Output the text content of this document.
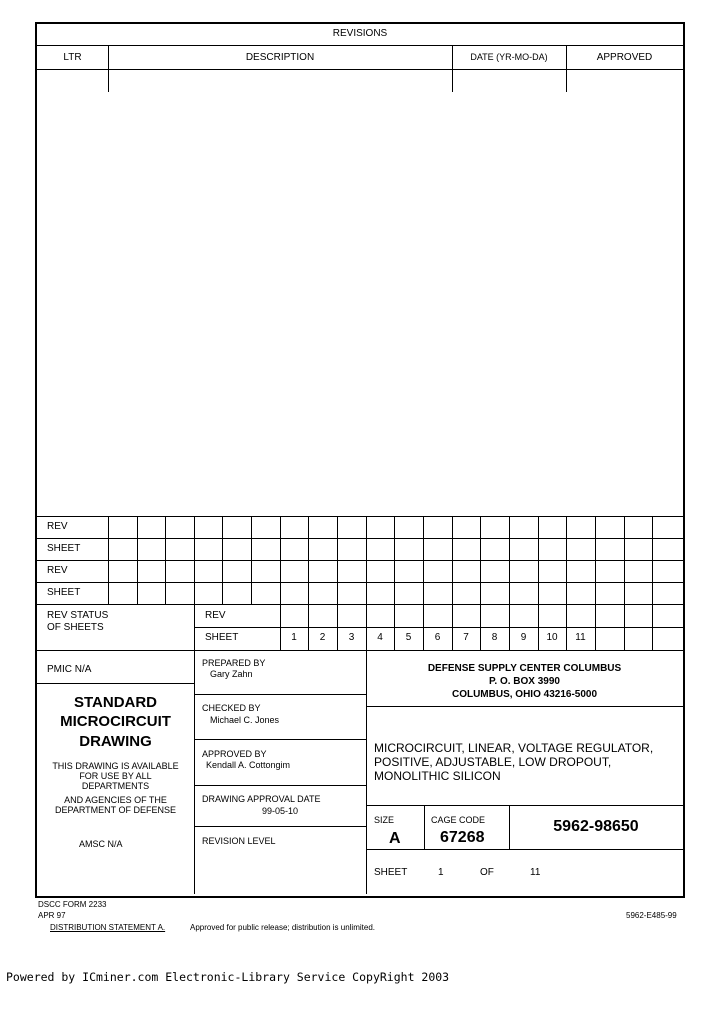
REVISIONS
LTR	DESCRIPTION	DATE (YR-MO-DA)	APPROVED
REV
SHEET
REV
SHEET
REV STATUS
OF SHEETS
REV
SHEET	1	2	3	4	5	6	7	8	9	10	11
PMIC N/A
STANDARD
MICROCIRCUIT
DRAWING
THIS DRAWING IS AVAILABLE
FOR USE BY ALL
DEPARTMENTS
AND AGENCIES OF THE
DEPARTMENT OF DEFENSE
AMSC N/A
PREPARED BY
Gary Zahn
CHECKED BY
Michael C. Jones
APPROVED BY
Kendall A. Cottongim
DRAWING APPROVAL DATE
99-05-10
REVISION LEVEL
DEFENSE SUPPLY CENTER COLUMBUS
P. O. BOX 3990
COLUMBUS, OHIO 43216-5000
MICROCIRCUIT, LINEAR, VOLTAGE REGULATOR,
POSITIVE, ADJUSTABLE, LOW DROPOUT,
MONOLITHIC SILICON
SIZE
A
CAGE CODE
67268
5962-98650
SHEET	1	OF	11
DSCC FORM 2233
APR 97
DISTRIBUTION STATEMENT A.	Approved for public release; distribution is unlimited.
5962-E485-99
Powered by ICminer.com Electronic-Library Service CopyRight 2003
